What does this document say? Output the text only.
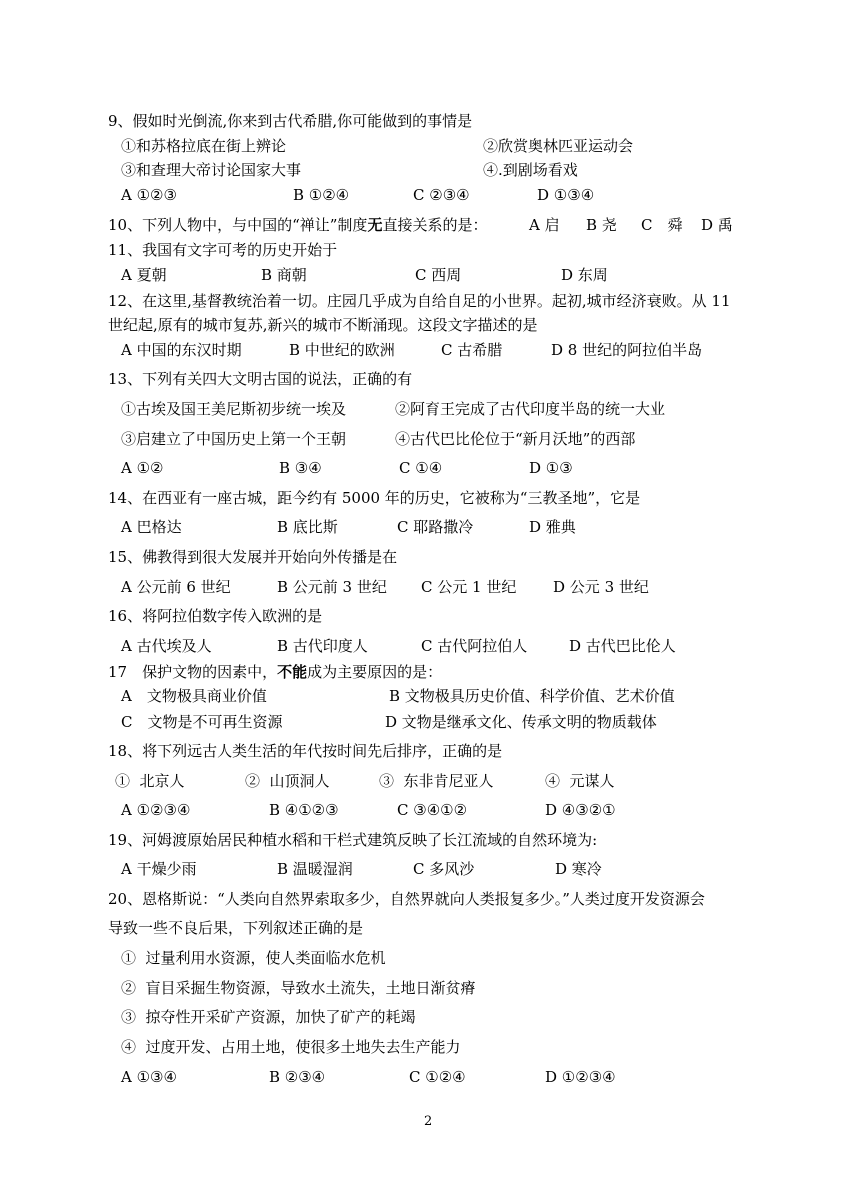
9、假如时光倒流,你来到古代希腊,你可能做到的事情是
①和苏格拉底在街上辨论	②欣赏奥林匹亚运动会
③和查理大帝讨论国家大事	④.到剧场看戏
A ①②③	B ①②④	C ②③④	D ①③④
10、下列人物中，与中国的“禅让”制度无直接关系的是：	A 启 B 尧 C　舜 D 禹
11、我国有文字可考的历史开始于
A 夏朝	B 商朝	C 西周	D 东周
12、在这里,基督教统治着一切。庄园几乎成为自给自足的小世界。起初,城市经济衰败。从 11
世纪起,原有的城市复苏,新兴的城市不断涌现。这段文字描述的是
A 中国的东汉时期	B 中世纪的欧洲	C 古希腊	D 8 世纪的阿拉伯半岛
13、下列有关四大文明古国的说法，正确的有
①古埃及国王美尼斯初步统一埃及	②阿育王完成了古代印度半岛的统一大业
③启建立了中国历史上第一个王朝	④古代巴比伦位于“新月沃地”的西部
A ①②	B ③④	C ①④	D ①③
14、在西亚有一座古城，距今约有 5000 年的历史，它被称为“三教圣地”，它是
A 巴格达	B 底比斯	C 耶路撒冷	D 雅典
15、佛教得到很大发展并开始向外传播是在
A 公元前 6 世纪	B 公元前 3 世纪 C 公元 1 世纪 D 公元 3 世纪
16、将阿拉伯数字传入欧洲的是
A 古代埃及人	B 古代印度人	C 古代阿拉伯人	D 古代巴比伦人
17　保护文物的因素中，不能成为主要原因的是：
A　文物极具商业价值	B 文物极具历史价值、科学价值、艺术价值
C　文物是不可再生资源	D 文物是继承文化、传承文明的物质载体
18、将下列远古人类生活的年代按时间先后排序，正确的是
①  北京人	②  山顶洞人	③  东非肯尼亚人	④  元谋人
A ①②③④	B ④①②③	C ③④①②	D ④③②①
19、河姆渡原始居民种植水稻和干栏式建筑反映了长江流域的自然环境为:
A 干燥少雨	B 温暖湿润	C 多风沙	D 寒冷
20、恩格斯说：“人类向自然界索取多少，自然界就向人类报复多少。”人类过度开发资源会
导致一些不良后果，下列叙述正确的是
①  过量利用水资源，使人类面临水危机
②  盲目采掘生物资源，导致水土流失，土地日渐贫瘠
③  掠夺性开采矿产资源，加快了矿产的耗竭
④  过度开发、占用土地，使很多土地失去生产能力
A ①③④	B ②③④	C ①②④	D ①②③④
2
